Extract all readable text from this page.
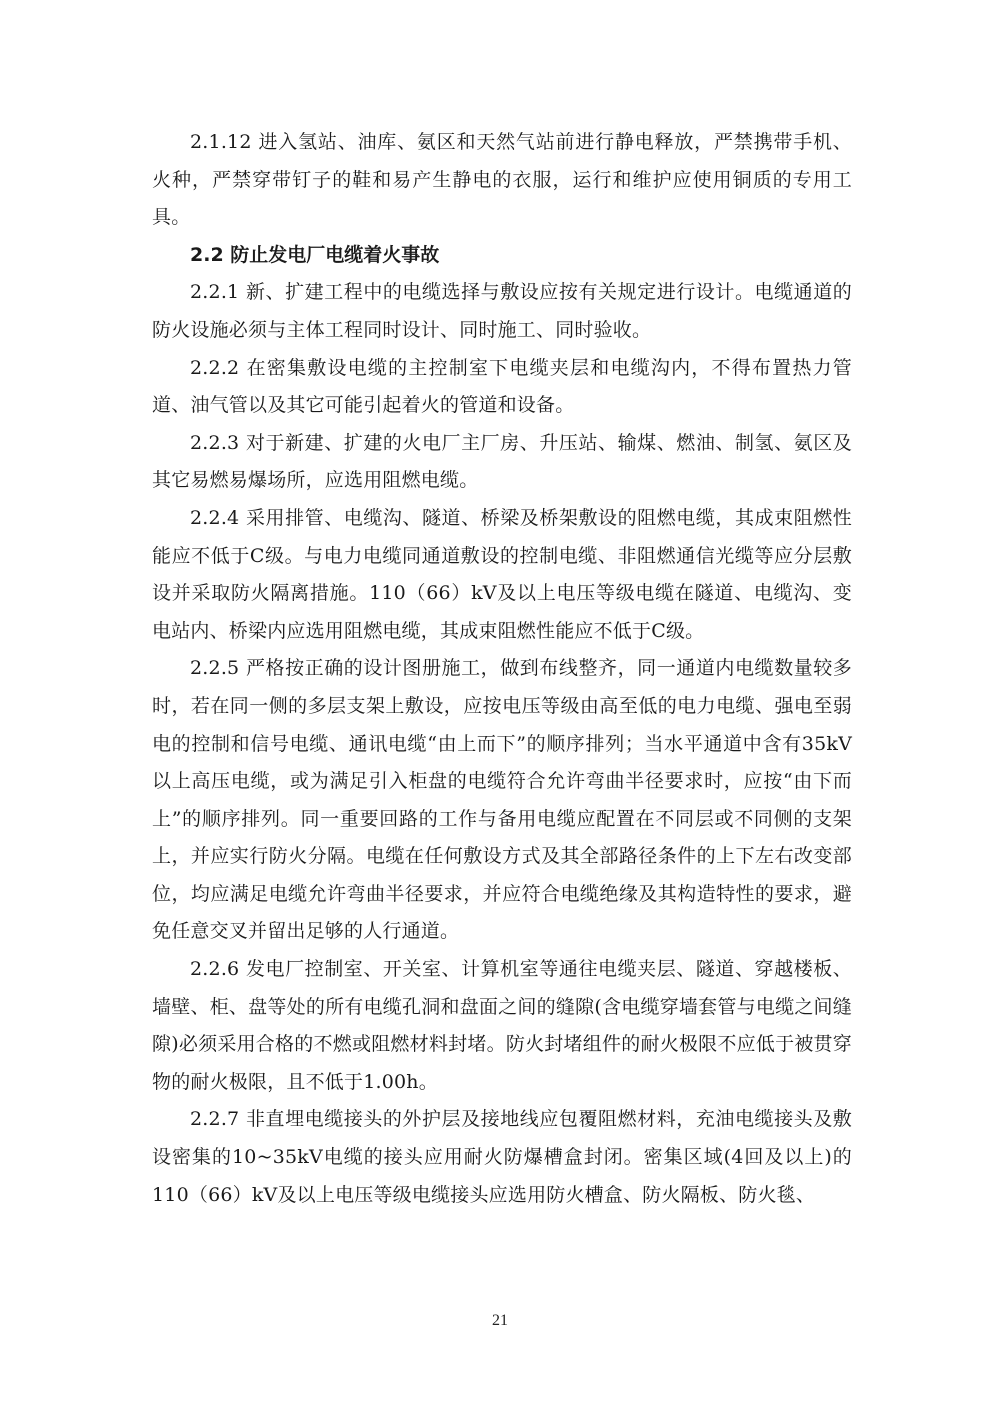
2.1.12 进入氢站、油库、氨区和天然气站前进行静电释放，严禁携带手机、火种，严禁穿带钉子的鞋和易产生静电的衣服，运行和维护应使用铜质的专用工具。

2.2 防止发电厂电缆着火事故

2.2.1 新、扩建工程中的电缆选择与敷设应按有关规定进行设计。电缆通道的防火设施必须与主体工程同时设计、同时施工、同时验收。

2.2.2 在密集敷设电缆的主控制室下电缆夹层和电缆沟内，不得布置热力管道、油气管以及其它可能引起着火的管道和设备。

2.2.3 对于新建、扩建的火电厂主厂房、升压站、输煤、燃油、制氢、氨区及其它易燃易爆场所，应选用阻燃电缆。

2.2.4 采用排管、电缆沟、隧道、桥梁及桥架敷设的阻燃电缆，其成束阻燃性能应不低于C级。与电力电缆同通道敷设的控制电缆、非阻燃通信光缆等应分层敷设并采取防火隔离措施。110（66）kV及以上电压等级电缆在隧道、电缆沟、变电站内、桥梁内应选用阻燃电缆，其成束阻燃性能应不低于C级。

2.2.5 严格按正确的设计图册施工，做到布线整齐，同一通道内电缆数量较多时，若在同一侧的多层支架上敷设，应按电压等级由高至低的电力电缆、强电至弱电的控制和信号电缆、通讯电缆“由上而下”的顺序排列；当水平通道中含有35kV以上高压电缆，或为满足引入柜盘的电缆符合允许弯曲半径要求时，应按“由下而上”的顺序排列。同一重要回路的工作与备用电缆应配置在不同层或不同侧的支架上，并应实行防火分隔。电缆在任何敷设方式及其全部路径条件的上下左右改变部位，均应满足电缆允许弯曲半径要求，并应符合电缆绝缘及其构造特性的要求，避免任意交叉并留出足够的人行通道。

2.2.6 发电厂控制室、开关室、计算机室等通往电缆夹层、隧道、穿越楼板、墙壁、柜、盘等处的所有电缆孔洞和盘面之间的缝隙(含电缆穿墙套管与电缆之间缝隙)必须采用合格的不燃或阻燃材料封堵。防火封堵组件的耐火极限不应低于被贯穿物的耐火极限，且不低于1.00h。

2.2.7 非直埋电缆接头的外护层及接地线应包覆阻燃材料，充油电缆接头及敷设密集的10~35kV电缆的接头应用耐火防爆槽盒封闭。密集区域(4回及以上)的110（66）kV及以上电压等级电缆接头应选用防火槽盒、防火隔板、防火毯、

21
